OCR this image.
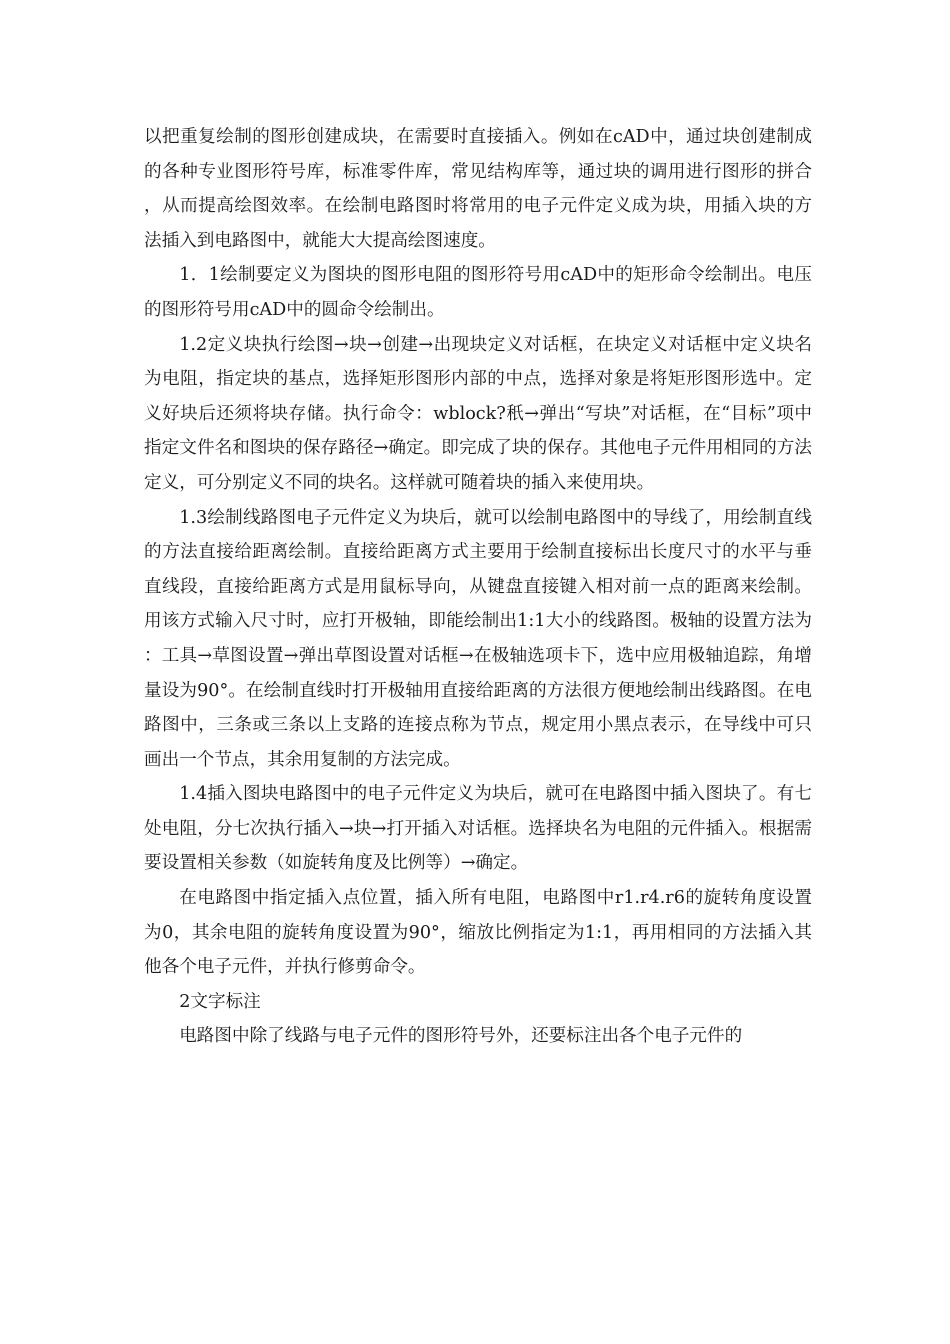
以把重复绘制的图形创建成块，在需要时直接插入。例如在cAD中，通过块创建制成的各种专业图形符号库，标准零件库，常见结构库等，通过块的调用进行图形的拼合，从而提高绘图效率。在绘制电路图时将常用的电子元件定义成为块，用插入块的方法插入到电路图中，就能大大提高绘图速度。

1．1绘制要定义为图块的图形电阻的图形符号用cAD中的矩形命令绘制出。电压的图形符号用cAD中的圆命令绘制出。

1.2定义块执行绘图→块→创建→出现块定义对话框，在块定义对话框中定义块名为电阻，指定块的基点，选择矩形图形内部的中点，选择对象是将矩形图形选中。定义好块后还须将块存储。执行命令：wblock?秖→弹出“写块”对话框，在“目标”项中指定文件名和图块的保存路径→确定。即完成了块的保存。其他电子元件用相同的方法定义，可分别定义不同的块名。这样就可随着块的插入来使用块。

1.3绘制线路图电子元件定义为块后，就可以绘制电路图中的导线了，用绘制直线的方法直接给距离绘制。直接给距离方式主要用于绘制直接标出长度尺寸的水平与垂直线段，直接给距离方式是用鼠标导向，从键盘直接键入相对前一点的距离来绘制。用该方式输入尺寸时，应打开极轴，即能绘制出1:1大小的线路图。极轴的设置方法为：工具→草图设置→弹出草图设置对话框→在极轴选项卡下，选中应用极轴追踪，角增量设为90°。在绘制直线时打开极轴用直接给距离的方法很方便地绘制出线路图。在电路图中，三条或三条以上支路的连接点称为节点，规定用小黑点表示，在导线中可只画出一个节点，其余用复制的方法完成。

1.4插入图块电路图中的电子元件定义为块后，就可在电路图中插入图块了。有七处电阻，分七次执行插入→块→打开插入对话框。选择块名为电阻的元件插入。根据需要设置相关参数（如旋转角度及比例等）→确定。

在电路图中指定插入点位置，插入所有电阻，电路图中r1.r4.r6的旋转角度设置为0，其余电阻的旋转角度设置为90°，缩放比例指定为1:1，再用相同的方法插入其他各个电子元件，并执行修剪命令。

2文字标注

电路图中除了线路与电子元件的图形符号外，还要标注出各个电子元件的
